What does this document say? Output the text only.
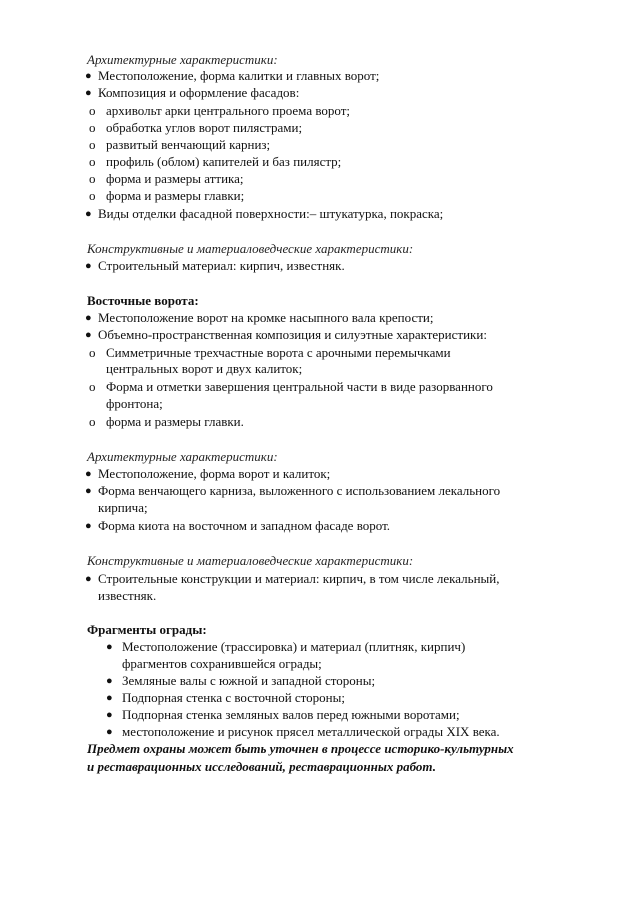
Архитектурные характеристики:
● Местоположение, форма калитки и главных ворот;
● Композиция и оформление фасадов:
o архивольт арки центрального проема ворот;
o обработка углов ворот пилястрами;
o развитый венчающий карниз;
o профиль (облом) капителей и баз пилястр;
o форма и размеры аттика;
o форма и размеры главки;
● Виды отделки фасадной поверхности:– штукатурка, покраска;
Конструктивные и материаловедческие характеристики:
● Строительный материал: кирпич, известняк.
Восточные ворота:
● Местоположение ворот на кромке насыпного вала крепости;
● Объемно-пространственная композиция и силуэтные характеристики:
o Симметричные трехчастные ворота с арочными перемычками
центральных ворот и двух калиток;
o Форма и отметки завершения центральной части в виде разорванного
фронтона;
o форма и размеры главки.
Архитектурные характеристики:
● Местоположение, форма ворот и калиток;
● Форма венчающего карниза, выложенного с использованием лекального
кирпича;
● Форма киота на восточном и западном фасаде ворот.
Конструктивные и материаловедческие характеристики:
● Строительные конструкции и материал: кирпич, в том числе лекальный,
известняк.
Фрагменты ограды:
● Местоположение (трассировка) и материал (плитняк, кирпич)
фрагментов сохранившейся ограды;
● Земляные валы с южной и западной стороны;
● Подпорная стенка с восточной стороны;
● Подпорная стенка земляных валов перед южными воротами;
● местоположение и рисунок прясел металлической ограды XIX века.
Предмет охраны может быть уточнен в процессе историко-культурных
и реставрационных исследований, реставрационных работ.
